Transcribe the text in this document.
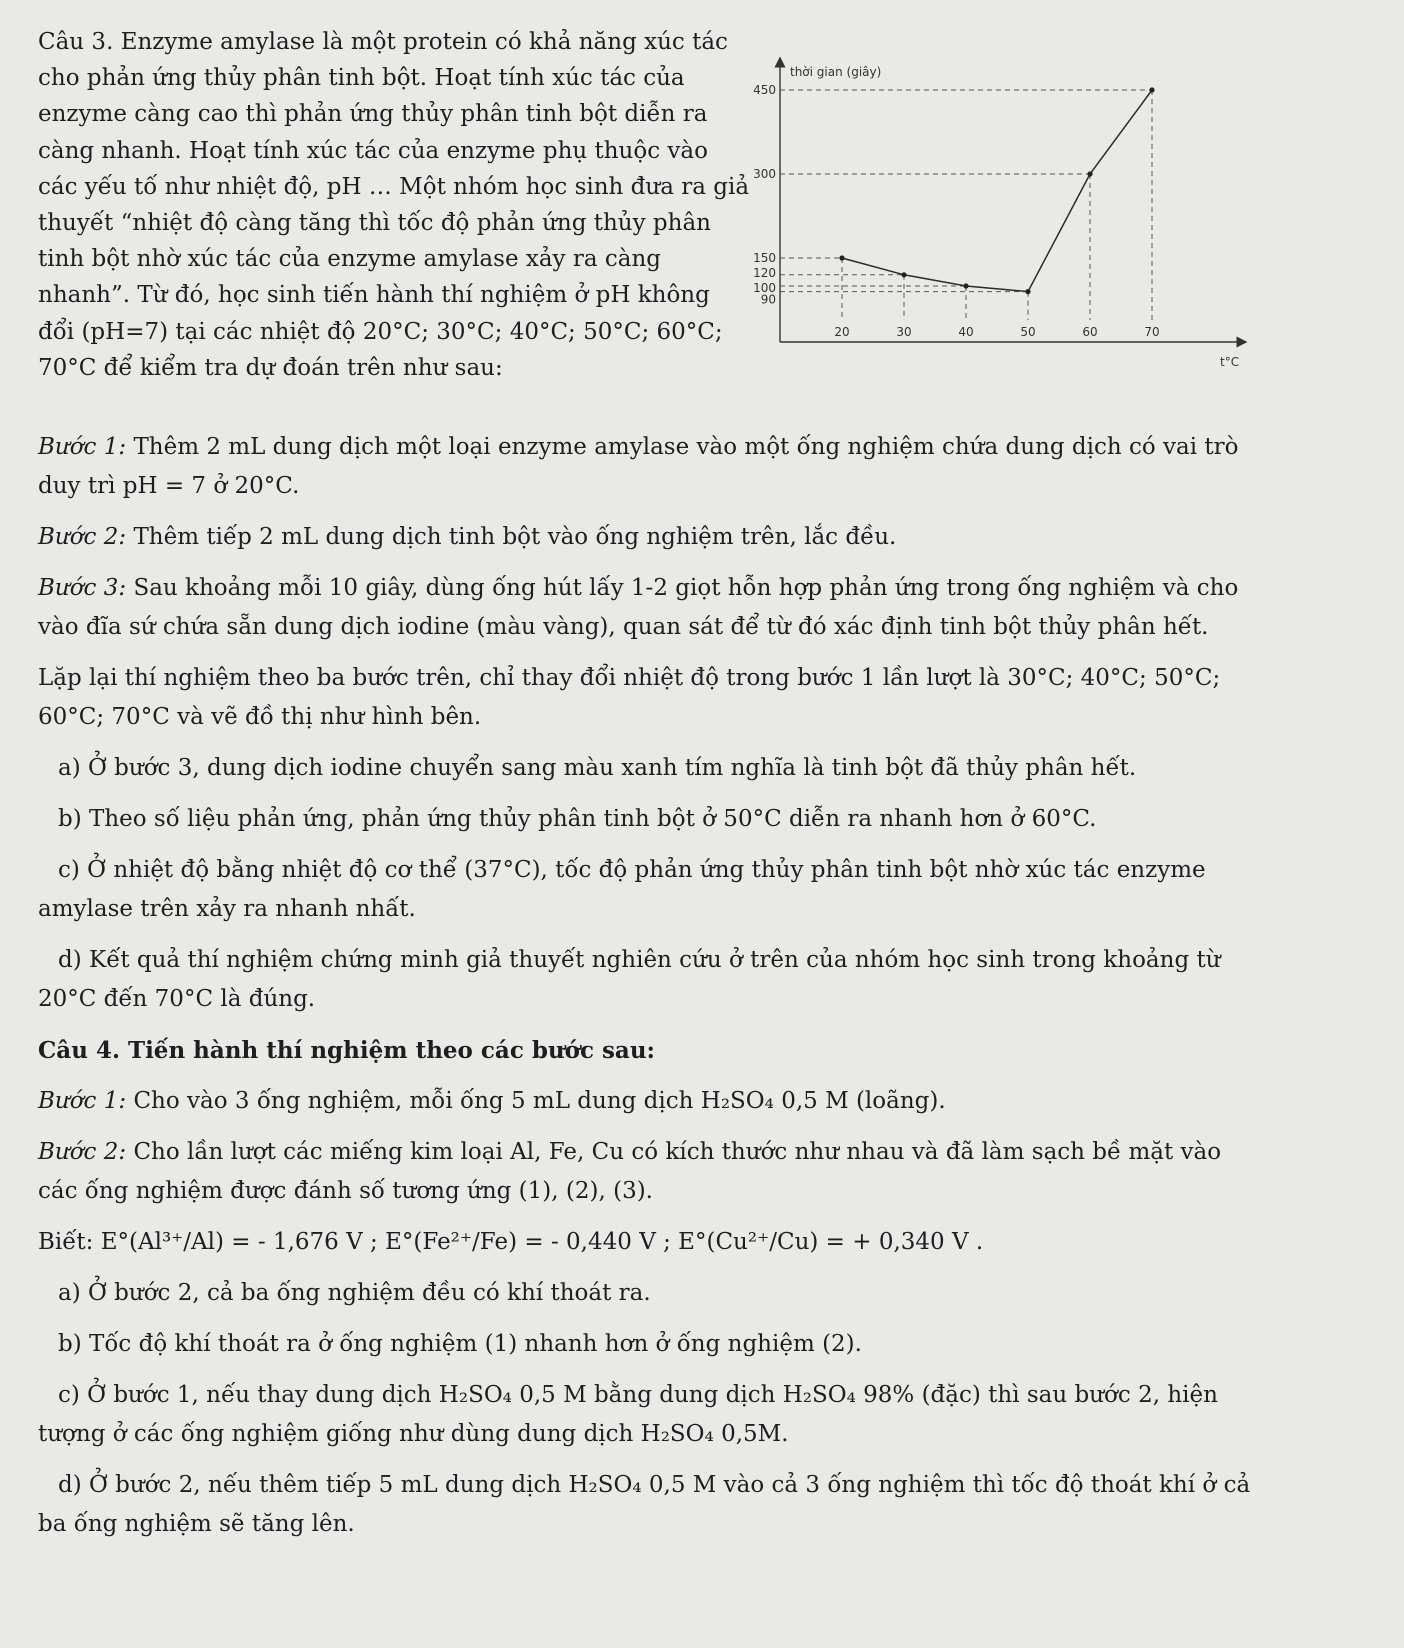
Câu 3. Enzyme amylase là một protein có khả năng xúc tác cho phản ứng thủy phân tinh bột. Hoạt tính xúc tác của enzyme càng cao thì phản ứng thủy phân tinh bột diễn ra càng nhanh. Hoạt tính xúc tác của enzyme phụ thuộc vào các yếu tố như nhiệt độ, pH … Một nhóm học sinh đưa ra giả thuyết “nhiệt độ càng tăng thì tốc độ phản ứng thủy phân tinh bột nhờ xúc tác của enzyme amylase xảy ra càng nhanh”. Từ đó, học sinh tiến hành thí nghiệm ở pH không đổi (pH=7) tại các nhiệt độ 20°C; 30°C; 40°C; 50°C; 60°C; 70°C để kiểm tra dự đoán trên như sau:

thời gian (giây)
t°C
90
100
120
150
300
450
20	30	40	50	60	70
Bước 1: Thêm 2 mL dung dịch một loại enzyme amylase vào một ống nghiệm chứa dung dịch có vai trò
duy trì pH = 7 ở 20°C.
Bước 2: Thêm tiếp 2 mL dung dịch tinh bột vào ống nghiệm trên, lắc đều.
Bước 3: Sau khoảng mỗi 10 giây, dùng ống hút lấy 1-2 giọt hỗn hợp phản ứng trong ống nghiệm và cho
vào đĩa sứ chứa sẵn dung dịch iodine (màu vàng), quan sát để từ đó xác định tinh bột thủy phân hết.
Lặp lại thí nghiệm theo ba bước trên, chỉ thay đổi nhiệt độ trong bước 1 lần lượt là 30°C; 40°C; 50°C;
60°C; 70°C và vẽ đồ thị như hình bên.
a) Ở bước 3, dung dịch iodine chuyển sang màu xanh tím nghĩa là tinh bột đã thủy phân hết.
b) Theo số liệu phản ứng, phản ứng thủy phân tinh bột ở 50°C diễn ra nhanh hơn ở 60°C.
c) Ở nhiệt độ bằng nhiệt độ cơ thể (37°C), tốc độ phản ứng thủy phân tinh bột nhờ xúc tác enzyme
amylase trên xảy ra nhanh nhất.
d) Kết quả thí nghiệm chứng minh giả thuyết nghiên cứu ở trên của nhóm học sinh trong khoảng từ
20°C đến 70°C là đúng.
Câu 4. Tiến hành thí nghiệm theo các bước sau:
Bước 1: Cho vào 3 ống nghiệm, mỗi ống 5 mL dung dịch H₂SO₄ 0,5 M (loãng).
Bước 2: Cho lần lượt các miếng kim loại Al, Fe, Cu có kích thước như nhau và đã làm sạch bề mặt vào
các ống nghiệm được đánh số tương ứng (1), (2), (3).
Biết: E°(Al³⁺/Al) = - 1,676 V ; E°(Fe²⁺/Fe) = - 0,440 V ; E°(Cu²⁺/Cu) = + 0,340 V .
a) Ở bước 2, cả ba ống nghiệm đều có khí thoát ra.
b) Tốc độ khí thoát ra ở ống nghiệm (1) nhanh hơn ở ống nghiệm (2).
c) Ở bước 1, nếu thay dung dịch H₂SO₄ 0,5 M bằng dung dịch H₂SO₄ 98% (đặc) thì sau bước 2, hiện
tượng ở các ống nghiệm giống như dùng dung dịch H₂SO₄ 0,5M.
d) Ở bước 2, nếu thêm tiếp 5 mL dung dịch H₂SO₄ 0,5 M vào cả 3 ống nghiệm thì tốc độ thoát khí ở cả
ba ống nghiệm sẽ tăng lên.
